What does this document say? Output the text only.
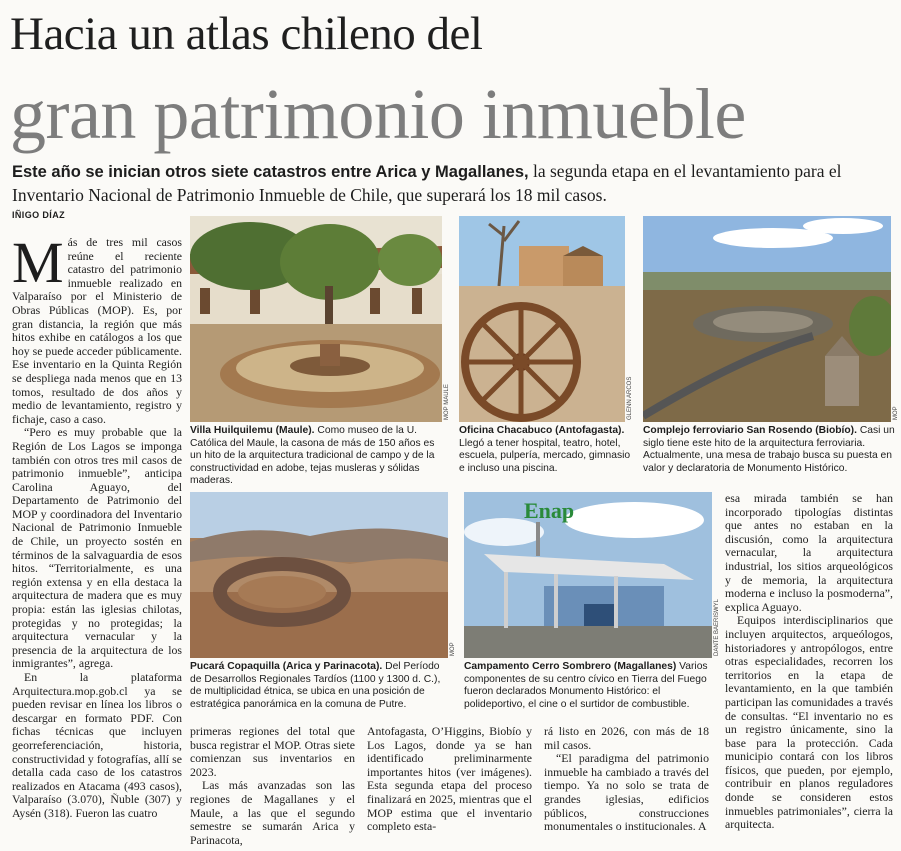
Hacia un atlas chileno del
gran patrimonio inmueble
Este año se inician otros siete catastros entre Arica y Magallanes, la segunda etapa en el levantamiento para el Inventario Nacional de Patrimonio Inmueble de Chile, que superará los 18 mil casos.
IÑIGO DÍAZ

Más de tres mil casos reúne el reciente catastro del patrimonio inmueble realizado en Valparaíso por el Ministerio de Obras Públicas (MOP). Es, por gran distancia, la región que más hitos exhibe en catálogos a los que hoy se puede acceder públicamente. Ese inventario en la Quinta Región se despliega nada menos que en 13 tomos, resultado de dos años y medio de levantamiento, registro y fichaje, caso a caso.

“Pero es muy probable que la Región de Los Lagos se imponga también con otros tres mil casos de patrimonio inmueble”, anticipa Carolina Aguayo, del Departamento de Patrimonio del MOP y coordinadora del Inventario Nacional de Patrimonio Inmueble de Chile, un proyecto sostén en términos de la salvaguardia de esos hitos. “Territorialmente, es una región extensa y en ella destaca la arquitectura de madera que es muy propia: están las iglesias chilotas, protegidas y no protegidas; la arquitectura vernacular y la presencia de la arquitectura de los inmigrantes”, agrega.

En la plataforma Arquitectura.mop.gob.cl ya se pueden revisar en línea los libros o descargar en formato PDF. Con fichas técnicas que incluyen georreferenciación, historia, constructividad y fotografías, allí se detalla cada caso de los catastros realizados en Atacama (493 casos), Valparaíso (3.070), Ñuble (307) y Aysén (318). Fueron las cuatro

MOP MAULE
Villa Huilquilemu (Maule). Como museo de la U. Católica del Maule, la casona de más de 150 años es un hito de la arquitectura tradicional de campo y de la constructividad en adobe, tejas musleras y sólidas maderas.
GLENN ARCOS
Oficina Chacabuco (Antofagasta). Llegó a tener hospital, teatro, hotel, escuela, pulpería, mercado, gimnasio e incluso una piscina.
MOP
Complejo ferroviario San Rosendo (Biobío). Casi un siglo tiene este hito de la arquitectura ferroviaria. Actualmente, una mesa de trabajo busca su puesta en valor y declaratoria de Monumento Histórico.
MOP
Pucará Copaquilla (Arica y Parinacota). Del Período de Desarrollos Regionales Tardíos (1100 y 1300 d. C.), de multiplicidad étnica, se ubica en una posición de estratégica panorámica en la comuna de Putre.
Enap
DANTE BAERISWYL
Campamento Cerro Sombrero (Magallanes) Varios componentes de su centro cívico en Tierra del Fuego fueron declarados Monumento Histórico: el polideportivo, el cine o el surtidor de combustible.

primeras regiones del total que busca registrar el MOP. Otras siete comienzan sus inventarios en 2023.

Las más avanzadas son las regiones de Magallanes y el Maule, a las que el segundo semestre se sumarán Arica y Parinacota,

Antofagasta, O’Higgins, Biobío y Los Lagos, donde ya se han identificado preliminarmente importantes hitos (ver imágenes). Esta segunda etapa del proceso finalizará en 2025, mientras que el MOP estima que el inventario completo esta-

rá listo en 2026, con más de 18 mil casos.

“El paradigma del patrimonio inmueble ha cambiado a través del tiempo. Ya no solo se trata de grandes iglesias, edificios públicos, construcciones monumentales o institucionales. A

esa mirada también se han incorporado tipologías distintas que antes no estaban en la discusión, como la arquitectura vernacular, la arquitectura industrial, los sitios arqueológicos y de memoria, la arquitectura moderna e incluso la posmoderna”, explica Aguayo.

Equipos interdisciplinarios que incluyen arquitectos, arqueólogos, historiadores y antropólogos, entre otras especialidades, recorren los territorios en la etapa de levantamiento, en la que también participan las comunidades a través de consultas. “El inventario no es un registro únicamente, sino la base para la protección. Cada municipio contará con los libros físicos, que pueden, por ejemplo, contribuir en planos reguladores donde se consideren estos inmuebles patrimoniales”, cierra la arquitecta.
